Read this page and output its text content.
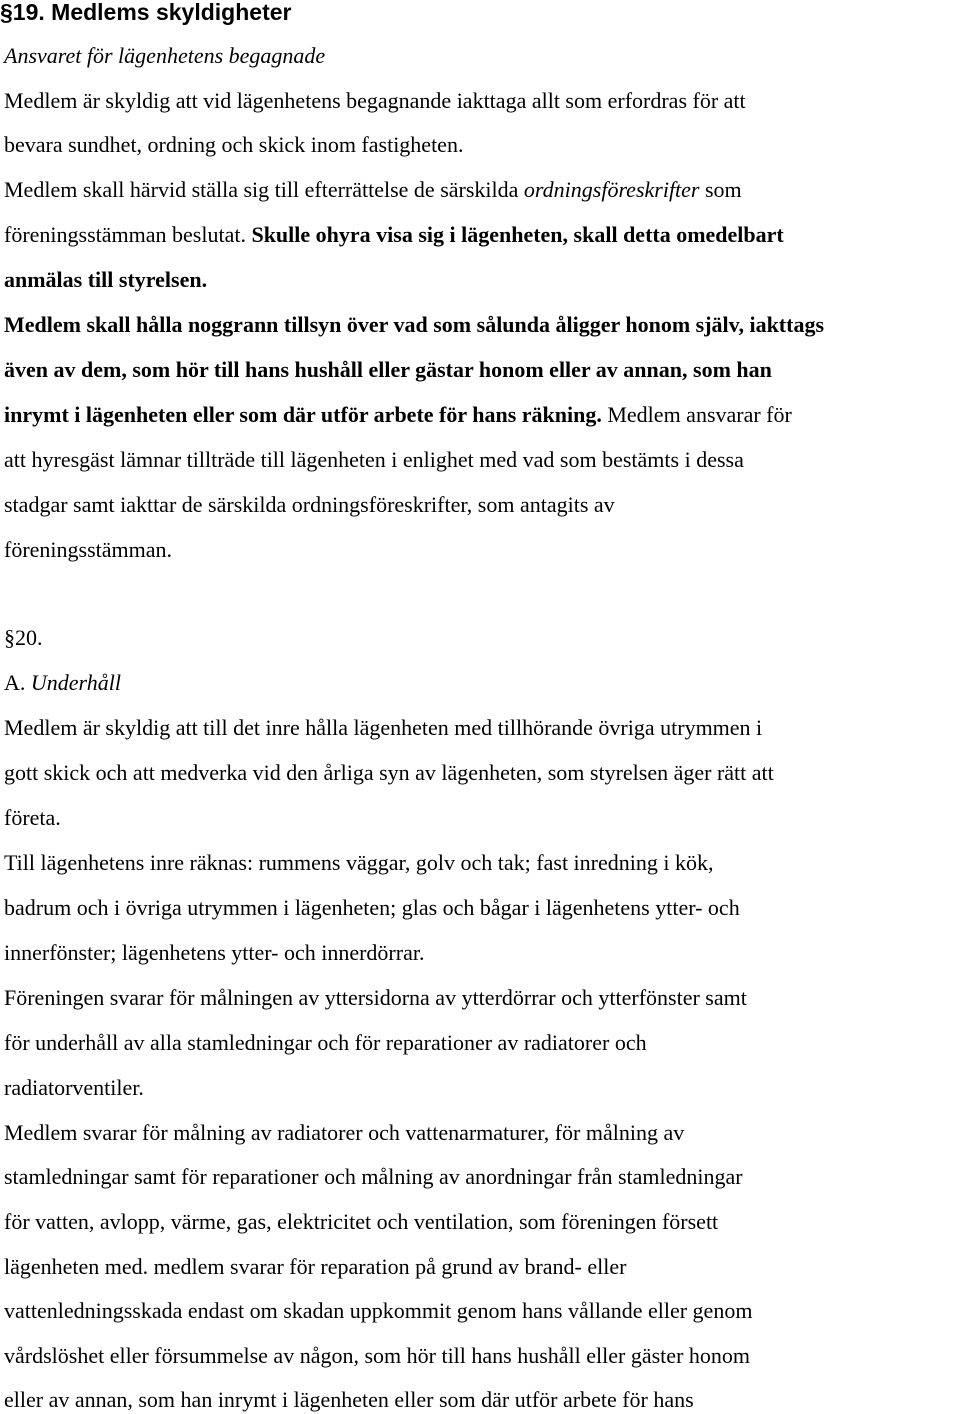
§19. Medlems skyldigheter
Ansvaret för lägenhetens begagnade
Medlem är skyldig att vid lägenhetens begagnande iakttaga allt som erfordras för att
bevara sundhet, ordning och skick inom fastigheten.
Medlem skall härvid ställa sig till efterrättelse de särskilda ordningsföreskrifter som
föreningsstämman beslutat. Skulle ohyra visa sig i lägenheten, skall detta omedelbart
anmälas till styrelsen.
Medlem skall hålla noggrann tillsyn över vad som sålunda åligger honom själv, iakttags
även av dem, som hör till hans hushåll eller gästar honom eller av annan, som han
inrymt i lägenheten eller som där utför arbete för hans räkning. Medlem ansvarar för
att hyresgäst lämnar tillträde till lägenheten i enlighet med vad som bestämts i dessa
stadgar samt iakttar de särskilda ordningsföreskrifter, som antagits av
föreningsstämman.
§20.
A. Underhåll
Medlem är skyldig att till det inre hålla lägenheten med tillhörande övriga utrymmen i
gott skick och att medverka vid den årliga syn av lägenheten, som styrelsen äger rätt att
företa.
Till lägenhetens inre räknas: rummens väggar, golv och tak; fast inredning i kök,
badrum och i övriga utrymmen i lägenheten; glas och bågar i lägenhetens ytter- och
innerfönster; lägenhetens ytter- och innerdörrar.
Föreningen svarar för målningen av yttersidorna av ytterdörrar och ytterfönster samt
för underhåll av alla stamledningar och för reparationer av radiatorer och
radiatorventiler.
Medlem svarar för målning av radiatorer och vattenarmaturer, för målning av
stamledningar samt för reparationer och målning av anordningar från stamledningar
för vatten, avlopp, värme, gas, elektricitet och ventilation, som föreningen försett
lägenheten med. medlem svarar för reparation på grund av brand- eller
vattenledningsskada endast om skadan uppkommit genom hans vållande eller genom
vårdslöshet eller försummelse av någon, som hör till hans hushåll eller gäster honom
eller av annan, som han inrymt i lägenheten eller som där utför arbete för hans
